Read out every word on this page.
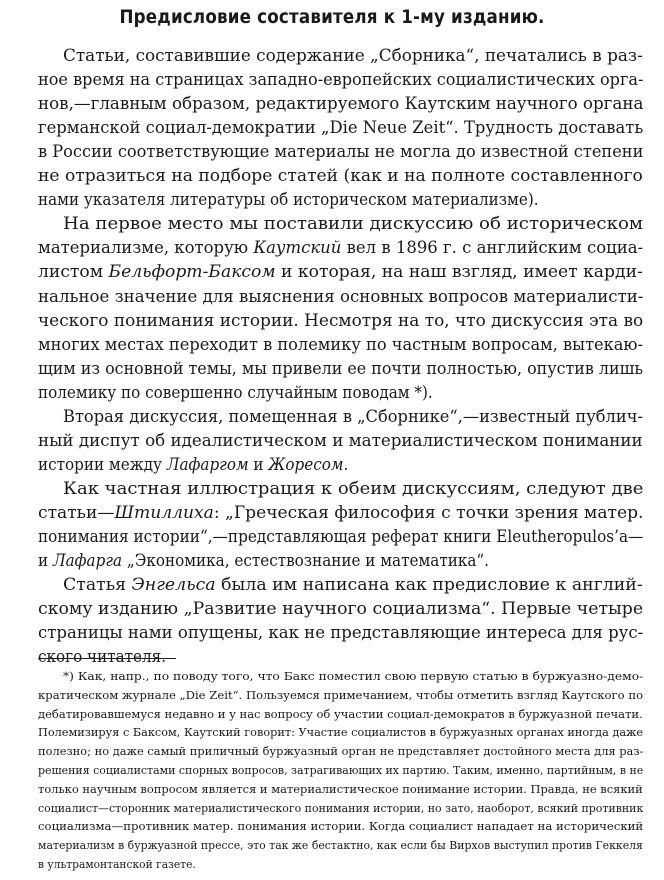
Предисловие составителя к 1-му изданию.
Статьи, составившие содержание „Сборника“, печатались в раз-
ное время на страницах западно-европейских социалистических орга-
нов,—главным образом, редактируемого Каутским научного органа
германской социал-демократии „Die Neue Zeit“. Трудность доставать
в России соответствующие материалы не могла до известной степени
не отразиться на подборе статей (как и на полноте составленного
нами указателя литературы об историческом материализме).
На первое место мы поставили дискуссию об историческом
материализме, которую Каутский вел в 1896 г. с английским социа-
листом Бельфорт-Баксом и которая, на наш взгляд, имеет карди-
нальное значение для выяснения основных вопросов материалисти-
ческого понимания истории. Несмотря на то, что дискуссия эта во
многих местах переходит в полемику по частным вопросам, вытекаю-
щим из основной темы, мы привели ее почти полностью, опустив лишь
полемику по совершенно случайным поводам *).
Вторая дискуссия, помещенная в „Сборнике“,—известный публич-
ный диспут об идеалистическом и материалистическом понимании
истории между Лафаргом и Жоресом.
Как частная иллюстрация к обеим дискуссиям, следуют две
статьи—Штиллиха: „Греческая философия с точки зрения матер.
понимания истории“,—представляющая реферат книги Eleutheropulos’а—
и Лафарга „Экономика, естествознание и математика“.
Статья Энгельса была им написана как предисловие к англий-
скому изданию „Развитие научного социализма“. Первые четыре
страницы нами опущены, как не представляющие интереса для рус-
ского читателя.
*) Как, напр., по поводу того, что Бакс поместил свою первую статью в буржуазно-демо-
кратическом журнале „Die Zeit“. Пользуемся примечанием, чтобы отметить взгляд Каутского по
дебатировавшемуся недавно и у нас вопросу об участии социал-демократов в буржуазной печати.
Полемизируя с Баксом, Каутский говорит: Участие социалистов в буржуазных органах иногда даже
полезно; но даже самый приличный буржуазный орган не представляет достойного места для раз-
решения социалистами спорных вопросов, затрагивающих их партию. Таким, именно, партийным, в не
только научным вопросом является и материалистическое понимание истории. Правда, не всякий
социалист—сторонник материалистического понимания истории, но зато, наоборот, всякий противник
социализма—противник матер. понимания истории. Когда социалист нападает на исторический
материализм в буржуазной прессе, это так же бестактно, как если бы Вирхов выступил против Геккеля
в ультрамонтанской газете.
